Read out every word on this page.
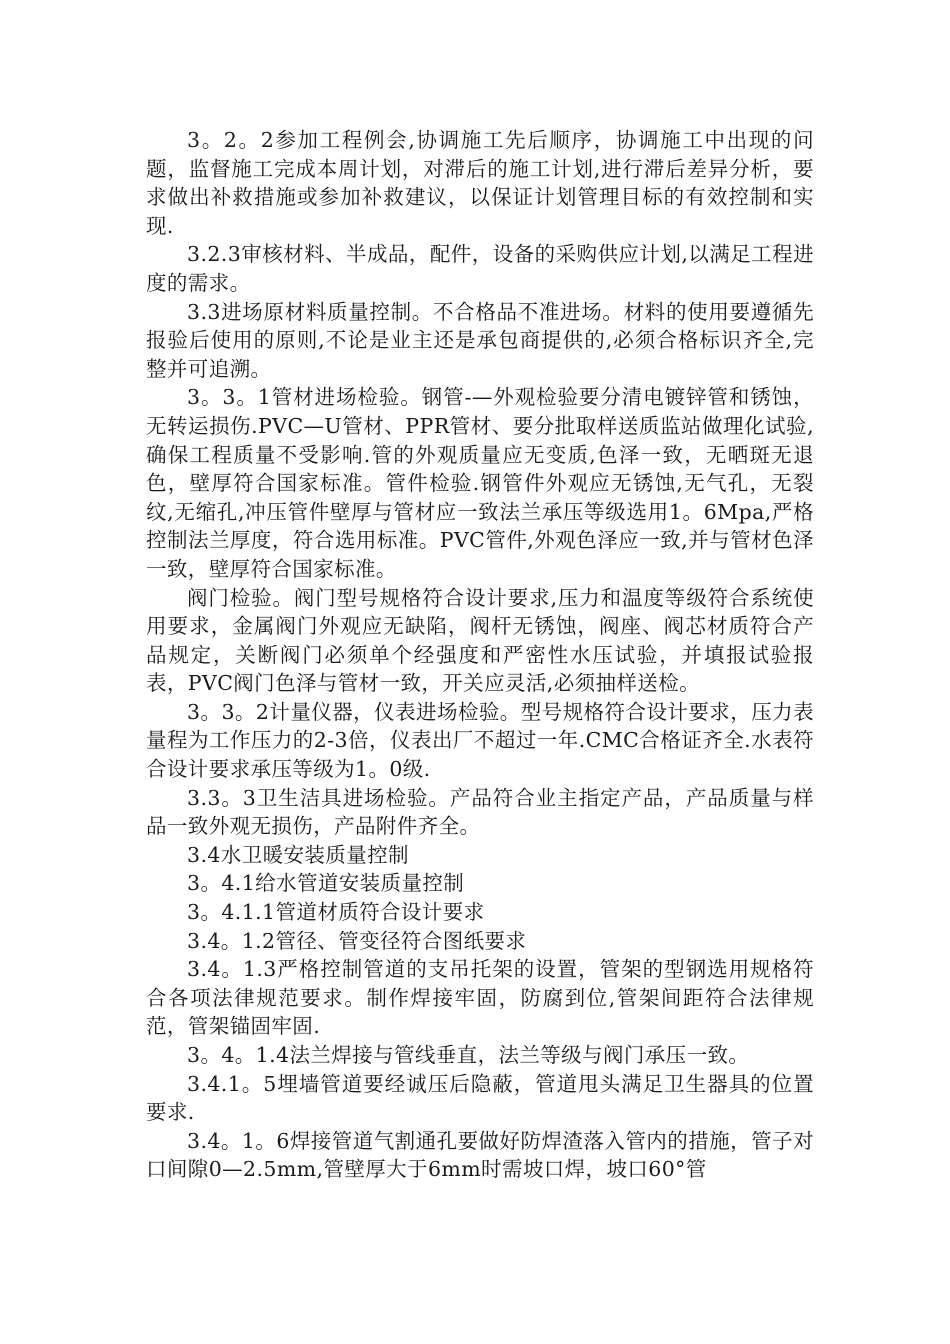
3。2。2参加工程例会,协调施工先后顺序，协调施工中出现的问题，监督施工完成本周计划，对滞后的施工计划,进行滞后差异分析，要求做出补救措施或参加补救建议，以保证计划管理目标的有效控制和实现.

3.2.3审核材料、半成品，配件，设备的采购供应计划,以满足工程进度的需求。

3.3进场原材料质量控制。不合格品不准进场。材料的使用要遵循先报验后使用的原则,不论是业主还是承包商提供的,必须合格标识齐全,完整并可追溯。

3。3。1管材进场检验。钢管-—外观检验要分清电镀锌管和锈蚀，无转运损伤.PVC—U管材、PPR管材、要分批取样送质监站做理化试验,确保工程质量不受影响.管的外观质量应无变质,色泽一致，无晒斑无退色，壁厚符合国家标准。管件检验.钢管件外观应无锈蚀,无气孔，无裂纹,无缩孔,冲压管件壁厚与管材应一致法兰承压等级选用1。6Mpa,严格控制法兰厚度，符合选用标准。PVC管件,外观色泽应一致,并与管材色泽一致，壁厚符合国家标准。

阀门检验。阀门型号规格符合设计要求,压力和温度等级符合系统使用要求，金属阀门外观应无缺陷，阀杆无锈蚀，阀座、阀芯材质符合产品规定，关断阀门必须单个经强度和严密性水压试验，并填报试验报表，PVC阀门色泽与管材一致，开关应灵活,必须抽样送检。

3。3。2计量仪器，仪表进场检验。型号规格符合设计要求，压力表量程为工作压力的2-3倍，仪表出厂不超过一年.CMC合格证齐全.水表符合设计要求承压等级为1。0级.

3.3。3卫生洁具进场检验。产品符合业主指定产品，产品质量与样品一致外观无损伤，产品附件齐全。

3.4水卫暖安装质量控制

3。4.1给水管道安装质量控制

3。4.1.1管道材质符合设计要求

3.4。1.2管径、管变径符合图纸要求

3.4。1.3严格控制管道的支吊托架的设置，管架的型钢选用规格符合各项法律规范要求。制作焊接牢固，防腐到位,管架间距符合法律规范，管架锚固牢固.

3。4。1.4法兰焊接与管线垂直，法兰等级与阀门承压一致。

3.4.1。5埋墙管道要经诚压后隐蔽，管道甩头满足卫生器具的位置要求.

3.4。1。6焊接管道气割通孔要做好防焊渣落入管内的措施，管子对口间隙0—2.5mm,管壁厚大于6mm时需坡口焊，坡口60°管
